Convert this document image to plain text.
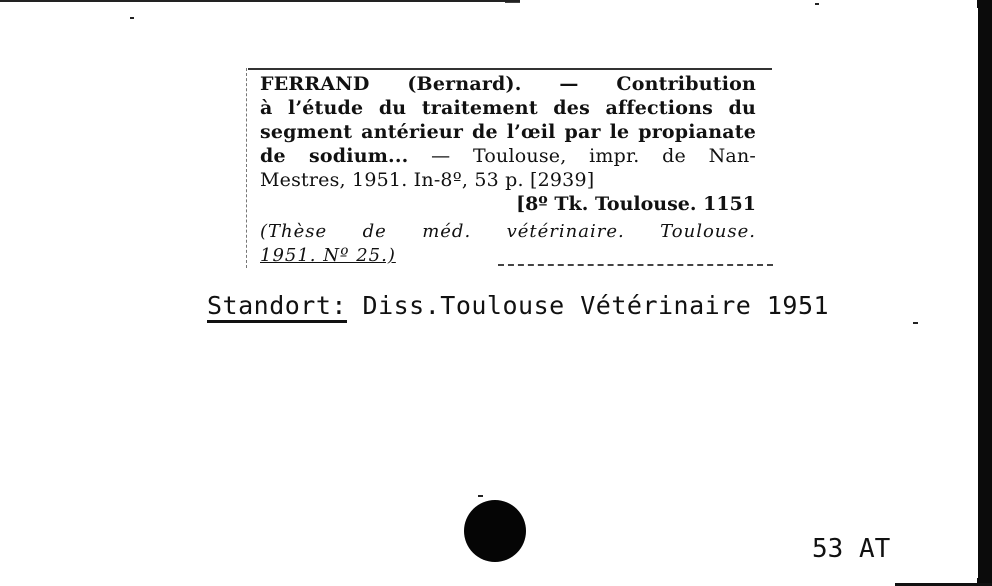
FERRAND (Bernard). — Contribution
à l’étude du traitement des affections du
segment antérieur de l’œil par le propianate
de sodium... — Toulouse, impr. de Nan-
Mestres, 1951. In-8º, 53 p. [2939]
[8º Tk. Toulouse. 1151
(Thèse de méd. vétérinaire. Toulouse.
1951. Nº 25.)
Standort: Diss.Toulouse Vétérinaire 1951
53 AT
